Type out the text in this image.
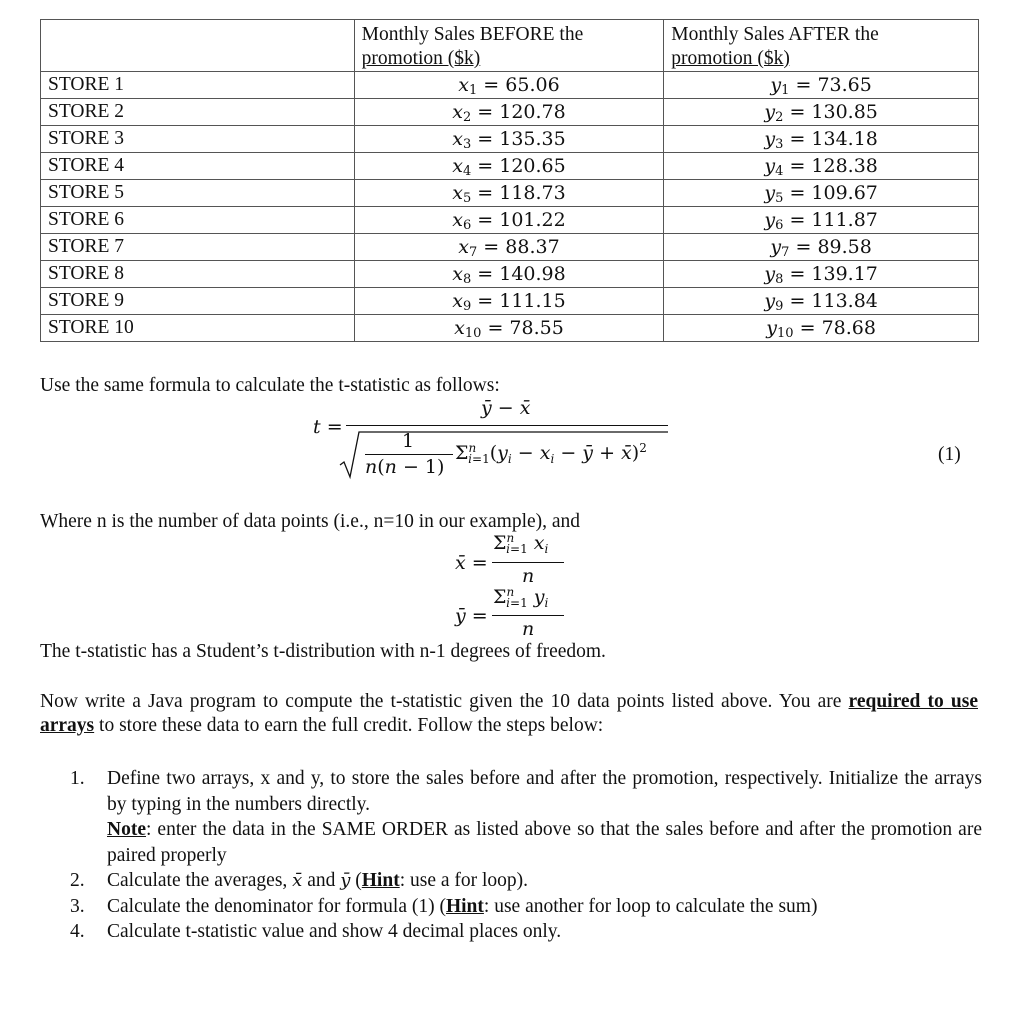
	Monthly Sales BEFORE the
promotion ($k)	Monthly Sales AFTER the
promotion ($k)
STORE 1	$x_1 = 65.06$	$y_1 = 73.65$
STORE 2	$x_2 = 120.78$	$y_2 = 130.85$
STORE 3	$x_3 = 135.35$	$y_3 = 134.18$
STORE 4	$x_4 = 120.65$	$y_4 = 128.38$
STORE 5	$x_5 = 118.73$	$y_5 = 109.67$
STORE 6	$x_6 = 101.22$	$y_6 = 111.87$
STORE 7	$x_7 = 88.37$	$y_7 = 89.58$
STORE 8	$x_8 = 140.98$	$y_8 = 139.17$
STORE 9	$x_9 = 111.15$	$y_9 = 113.84$
STORE 10	$x_{10} = 78.55$	$y_{10} = 78.68$
Use the same formula to calculate the t-statistic as follows:
t =
ȳ − x̄
1
n(n − 1)
$\Sigma^n_{i=1}(y_i - x_i$ − ȳ + x̄)$^2$	(1)
Where n is the number of data points (i.e., n=10 in our example), and
x̄ =
$\Sigma^n_{i=1}$ $x_i$
n
ȳ =
$\Sigma^n_{i=1}$ $y_i$
n
The t-statistic has a Student’s t-distribution with n-1 degrees of freedom.
Now write a Java program to compute the t-statistic given the 10 data points listed above. You are required to use arrays to store these data to earn the full credit. Follow the steps below:
1. Define two arrays, x and y, to store the sales before and after the promotion, respectively. Initialize the arrays by typing in the numbers directly.
Note: enter the data in the SAME ORDER as listed above so that the sales before and after the promotion are paired properly
2. Calculate the averages, x̄ and ȳ (Hint: use a for loop).
3. Calculate the denominator for formula (1) (Hint: use another for loop to calculate the sum)
4. Calculate t-statistic value and show 4 decimal places only.
